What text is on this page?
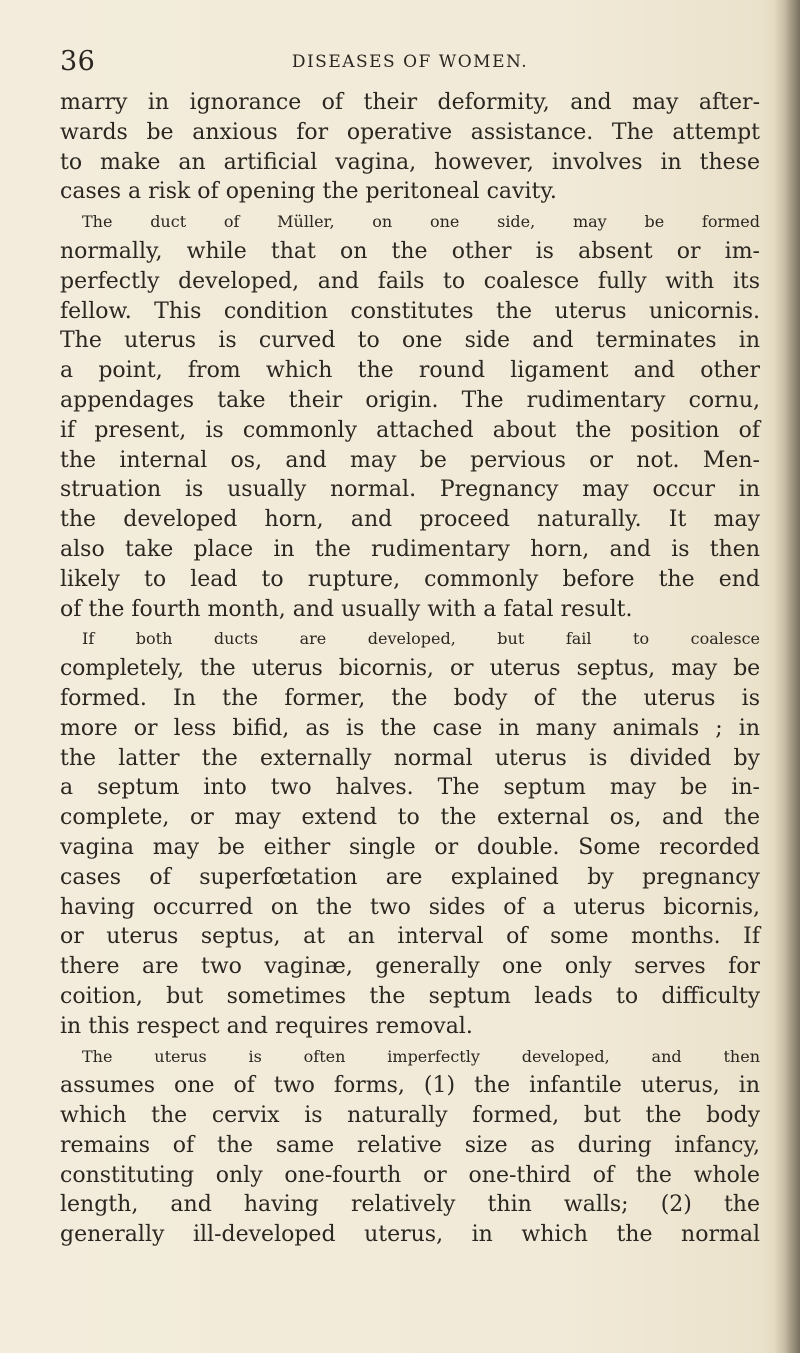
36	DISEASES OF WOMEN.
marry in ignorance of their deformity, and may after-
wards be anxious for operative assistance. The attempt
to make an artificial vagina, however, involves in these
cases a risk of opening the peritoneal cavity.
The duct of Müller, on one side, may be formed
normally, while that on the other is absent or im-
perfectly developed, and fails to coalesce fully with its
fellow. This condition constitutes the uterus unicornis.
The uterus is curved to one side and terminates in
a point, from which the round ligament and other
appendages take their origin. The rudimentary cornu,
if present, is commonly attached about the position of
the internal os, and may be pervious or not. Men-
struation is usually normal. Pregnancy may occur in
the developed horn, and proceed naturally. It may
also take place in the rudimentary horn, and is then
likely to lead to rupture, commonly before the end
of the fourth month, and usually with a fatal result.
If both ducts are developed, but fail to coalesce
completely, the uterus bicornis, or uterus septus, may be
formed. In the former, the body of the uterus is
more or less bifid, as is the case in many animals ; in
the latter the externally normal uterus is divided by
a septum into two halves. The septum may be in-
complete, or may extend to the external os, and the
vagina may be either single or double. Some recorded
cases of superfœtation are explained by pregnancy
having occurred on the two sides of a uterus bicornis,
or uterus septus, at an interval of some months. If
there are two vaginæ, generally one only serves for
coition, but sometimes the septum leads to difficulty
in this respect and requires removal.
The uterus is often imperfectly developed, and then
assumes one of two forms, (1) the infantile uterus, in
which the cervix is naturally formed, but the body
remains of the same relative size as during infancy,
constituting only one-fourth or one-third of the whole
length, and having relatively thin walls; (2) the
generally ill-developed uterus, in which the normal
